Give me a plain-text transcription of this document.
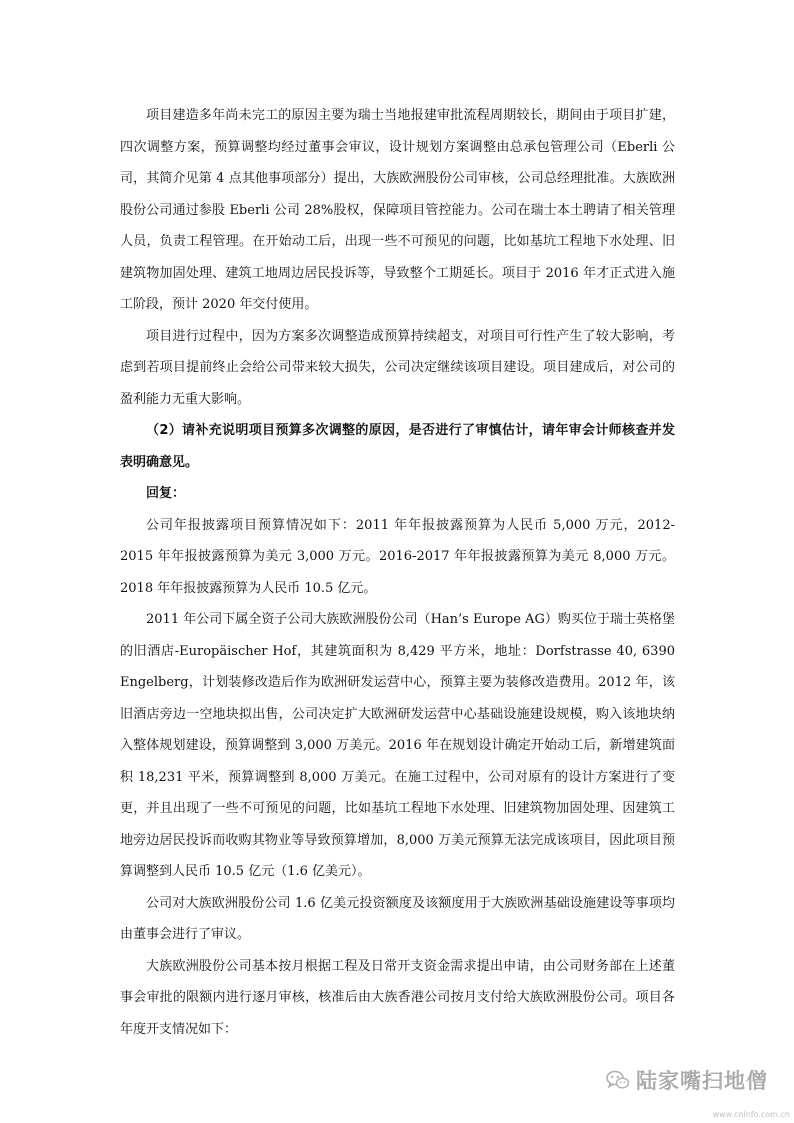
项目建造多年尚未完工的原因主要为瑞士当地报建审批流程周期较长，期间由于项目扩建，四次调整方案，预算调整均经过董事会审议，设计规划方案调整由总承包管理公司（Eberli 公司，其简介见第 4 点其他事项部分）提出，大族欧洲股份公司审核，公司总经理批准。大族欧洲股份公司通过参股 Eberli 公司 28%股权，保障项目管控能力。公司在瑞士本土聘请了相关管理人员，负责工程管理。在开始动工后，出现一些不可预见的问题，比如基坑工程地下水处理、旧建筑物加固处理、建筑工地周边居民投诉等，导致整个工期延长。项目于 2016 年才正式进入施工阶段，预计 2020 年交付使用。

项目进行过程中，因为方案多次调整造成预算持续超支，对项目可行性产生了较大影响，考虑到若项目提前终止会给公司带来较大损失，公司决定继续该项目建设。项目建成后，对公司的盈利能力无重大影响。

（2）请补充说明项目预算多次调整的原因，是否进行了审慎估计，请年审会计师核查并发表明确意见。

回复：

公司年报披露项目预算情况如下：2011 年年报披露预算为人民币 5,000 万元，2012-2015 年年报披露预算为美元 3,000 万元。2016-2017 年年报披露预算为美元 8,000 万元。2018 年年报披露预算为人民币 10.5 亿元。

2011 年公司下属全资子公司大族欧洲股份公司（Han’s Europe AG）购买位于瑞士英格堡的旧酒店-Europäischer Hof，其建筑面积为 8,429 平方米，地址：Dorfstrasse 40, 6390 Engelberg，计划装修改造后作为欧洲研发运营中心，预算主要为装修改造费用。2012 年，该旧酒店旁边一空地块拟出售，公司决定扩大欧洲研发运营中心基础设施建设规模，购入该地块纳入整体规划建设，预算调整到 3,000 万美元。2016 年在规划设计确定开始动工后，新增建筑面积 18,231 平米，预算调整到 8,000 万美元。在施工过程中，公司对原有的设计方案进行了变更，并且出现了一些不可预见的问题，比如基坑工程地下水处理、旧建筑物加固处理、因建筑工地旁边居民投诉而收购其物业等导致预算增加，8,000 万美元预算无法完成该项目，因此项目预算调整到人民币 10.5 亿元（1.6 亿美元）。

公司对大族欧洲股份公司 1.6 亿美元投资额度及该额度用于大族欧洲基础设施建设等事项均由董事会进行了审议。

大族欧洲股份公司基本按月根据工程及日常开支资金需求提出申请，由公司财务部在上述董事会审批的限额内进行逐月审核，核准后由大族香港公司按月支付给大族欧洲股份公司。项目各年度开支情况如下：

陆家嘴扫地僧
www.cninfo.com.cn
